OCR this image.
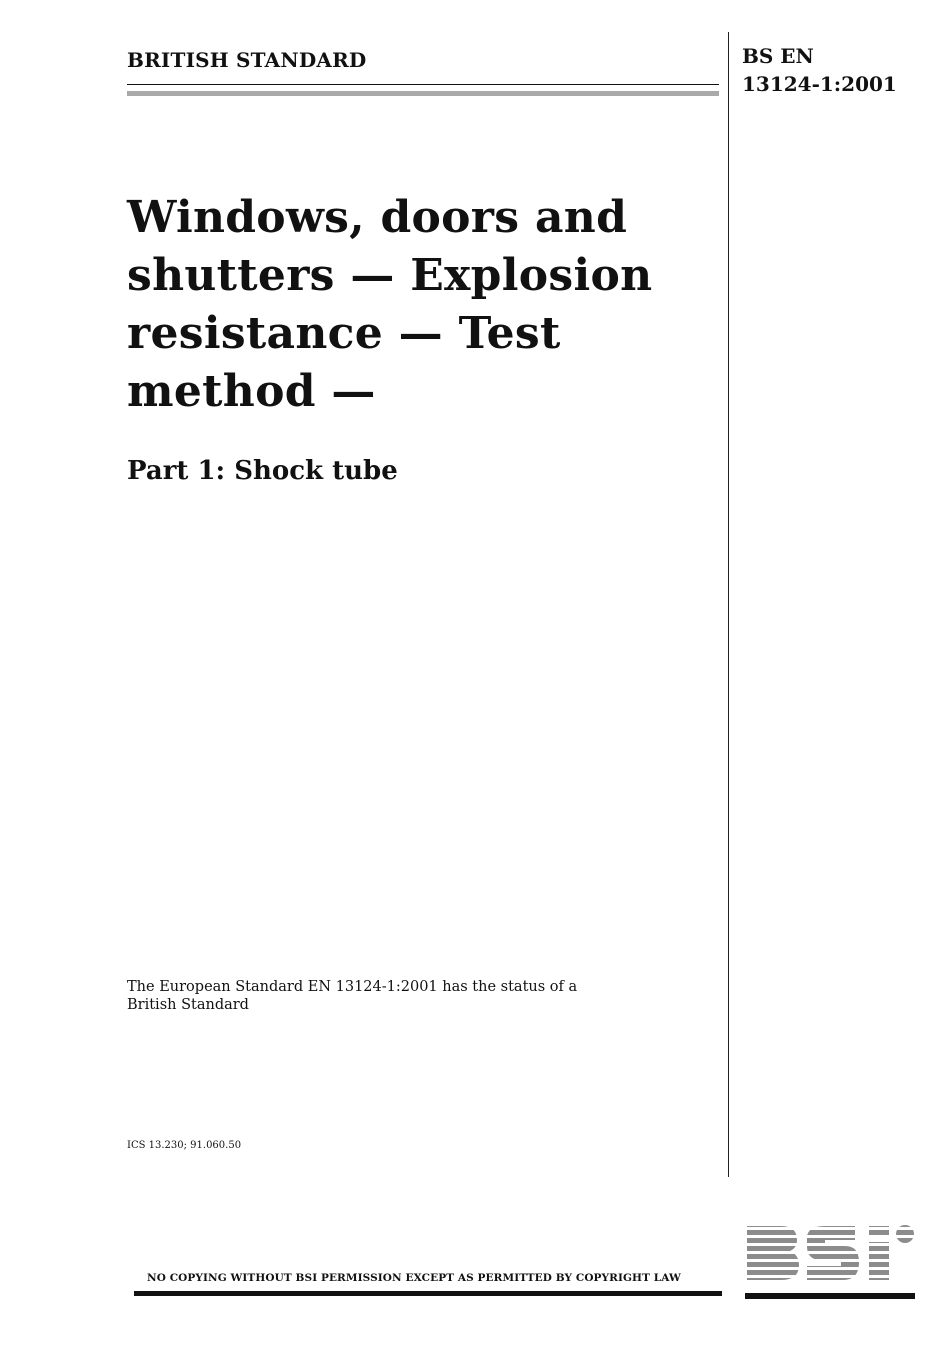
BRITISH STANDARD	BS EN
13124-1:2001
Windows, doors and
shutters — Explosion
resistance — Test
method —
Part 1: Shock tube
The European Standard EN 13124-1:2001 has the status of a
British Standard
ICS 13.230; 91.060.50
NO COPYING WITHOUT BSI PERMISSION EXCEPT AS PERMITTED BY COPYRIGHT LAW
